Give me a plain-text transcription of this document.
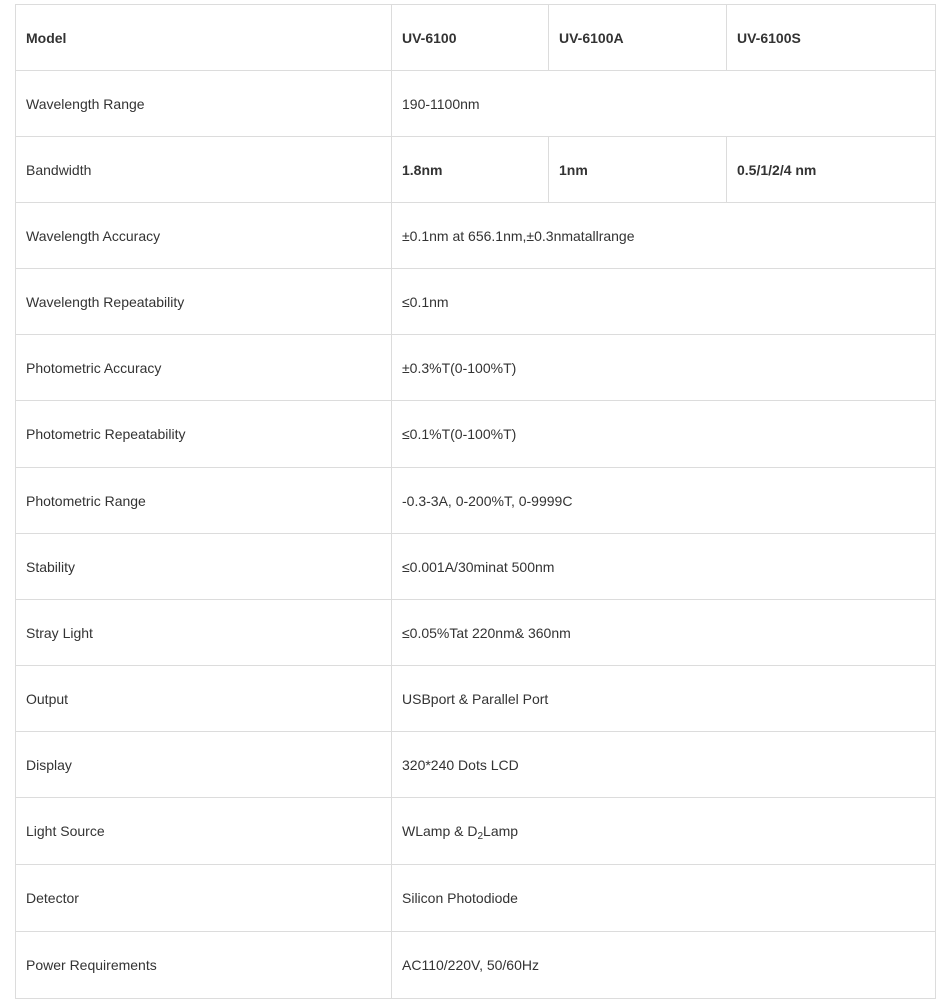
Model	UV-6100	UV-6100A	UV-6100S
Wavelength Range	190-1100nm		
Bandwidth	1.8nm	1nm	0.5/1/2/4 nm
Wavelength Accuracy	±0.1nm at 656.1nm,±0.3nmatallrange		
Wavelength Repeatability	≤0.1nm		
Photometric Accuracy	±0.3%T(0-100%T)		
Photometric Repeatability	≤0.1%T(0-100%T)		
Photometric Range	-0.3-3A, 0-200%T, 0-9999C		
Stability	≤0.001A/30minat 500nm		
Stray Light	≤0.05%Tat 220nm& 360nm		
Output	USBport & Parallel Port		
Display	320*240 Dots LCD		
Light Source	WLamp & $D_2Lamp$		
Detector	Silicon Photodiode		
Power Requirements	AC110/220V, 50/60Hz		
